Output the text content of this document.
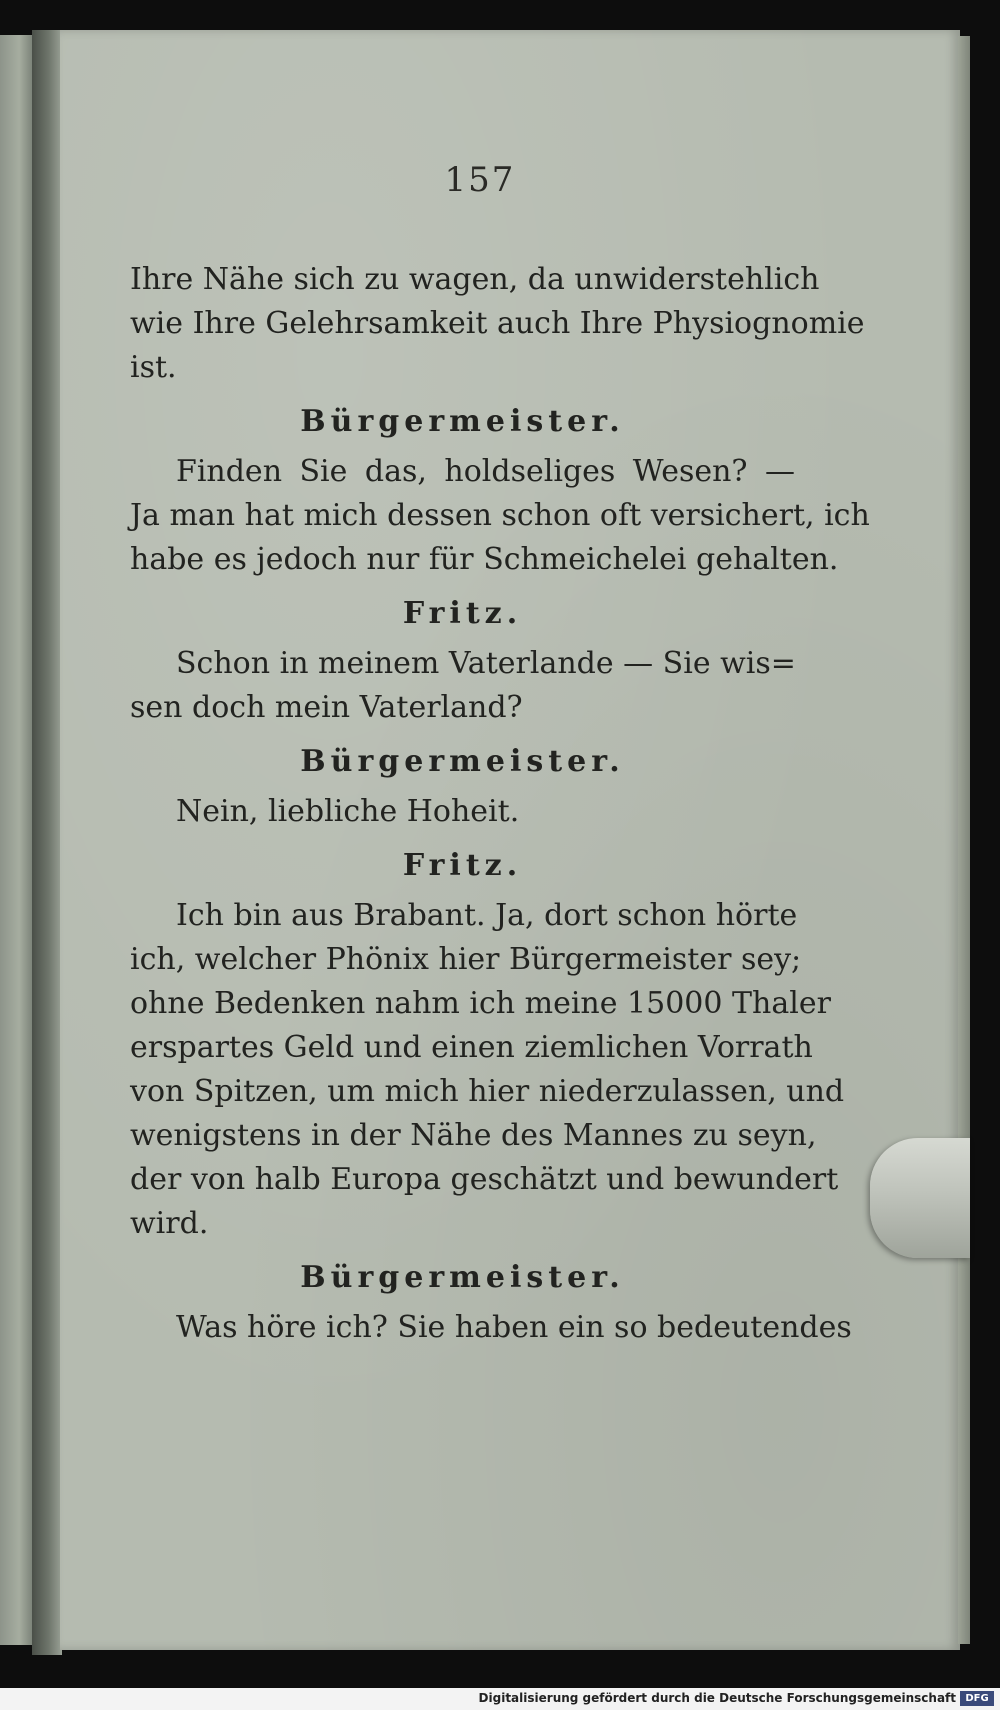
157

Ihre Nähe sich zu wagen, da unwiderstehlich

wie Ihre Gelehrsamkeit auch Ihre Physiognomie

ist.

Bürgermeister.

Finden Sie das, holdseliges Wesen? —

Ja man hat mich dessen schon oft versichert, ich

habe es jedoch nur für Schmeichelei gehalten.

Fritz.

Schon in meinem Vaterlande — Sie wis=

sen doch mein Vaterland?

Bürgermeister.

Nein, liebliche Hoheit.

Fritz.

Ich bin aus Brabant. Ja, dort schon hörte

ich, welcher Phönix hier Bürgermeister sey;

ohne Bedenken nahm ich meine 15000 Thaler

erspartes Geld und einen ziemlichen Vorrath

von Spitzen, um mich hier niederzulassen, und

wenigstens in der Nähe des Mannes zu seyn,

der von halb Europa geschätzt und bewundert

wird.

Bürgermeister.

Was höre ich? Sie haben ein so bedeutendes

Digitalisierung gefördert durch die Deutsche Forschungsgemeinschaft DFG
